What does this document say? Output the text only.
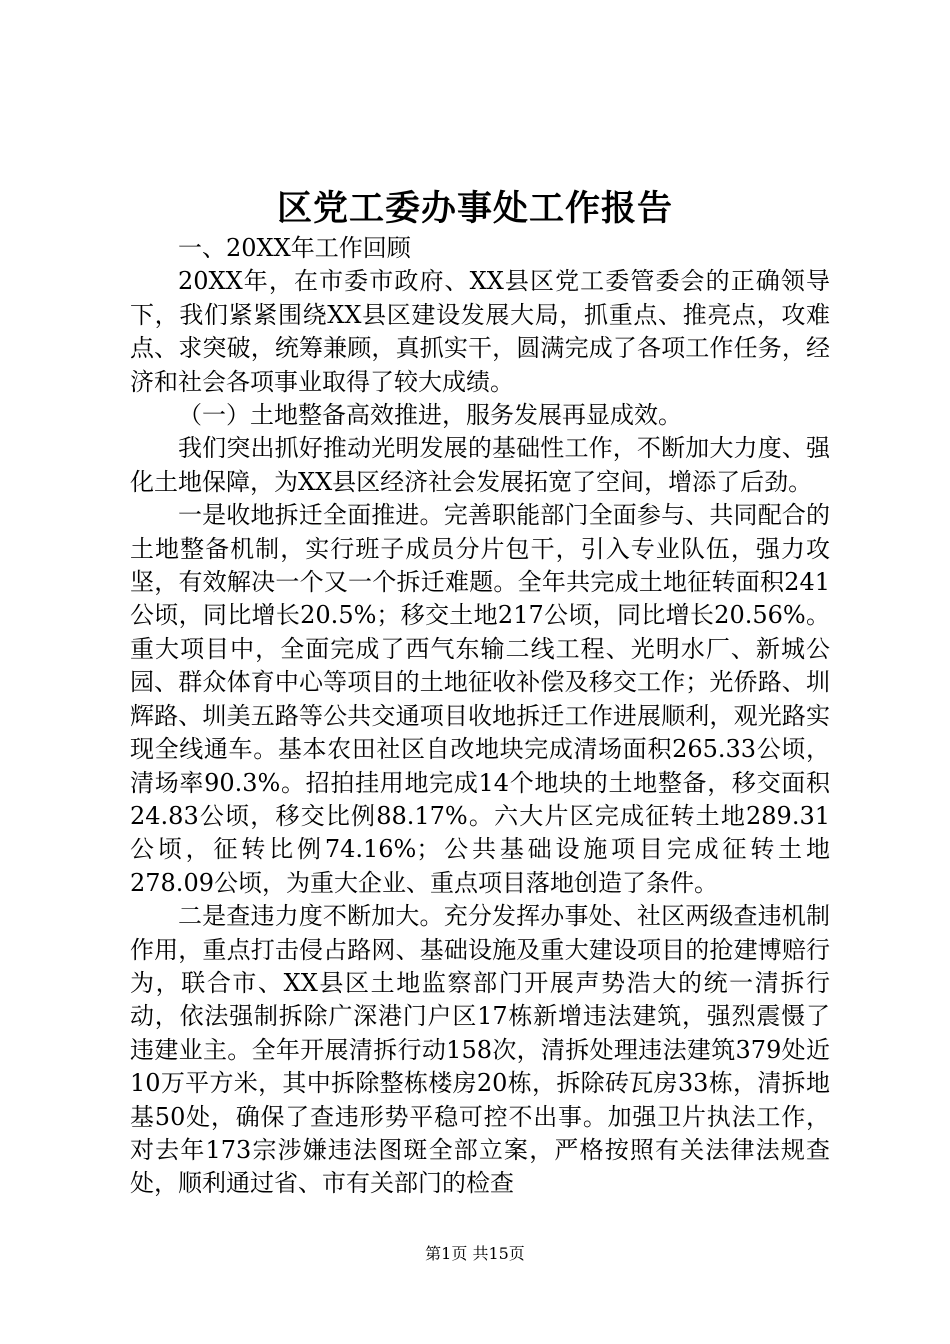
区党工委办事处工作报告

一、20XX年工作回顾

20XX年，在市委市政府、XX县区党工委管委会的正确领导下，我们紧紧围绕XX县区建设发展大局，抓重点、推亮点，攻难点、求突破，统筹兼顾，真抓实干，圆满完成了各项工作任务，经济和社会各项事业取得了较大成绩。

（一）土地整备高效推进，服务发展再显成效。

我们突出抓好推动光明发展的基础性工作，不断加大力度、强化土地保障，为XX县区经济社会发展拓宽了空间，增添了后劲。

一是收地拆迁全面推进。完善职能部门全面参与、共同配合的土地整备机制，实行班子成员分片包干，引入专业队伍，强力攻坚，有效解决一个又一个拆迁难题。全年共完成土地征转面积241公顷，同比增长20.5%；移交土地217公顷，同比增长20.56%。重大项目中，全面完成了西气东输二线工程、光明水厂、新城公园、群众体育中心等项目的土地征收补偿及移交工作；光侨路、圳辉路、圳美五路等公共交通项目收地拆迁工作进展顺利，观光路实现全线通车。基本农田社区自改地块完成清场面积265.33公顷，清场率90.3%。招拍挂用地完成14个地块的土地整备，移交面积24.83公顷，移交比例88.17%。六大片区完成征转土地289.31公顷，征转比例74.16%；公共基础设施项目完成征转土地278.09公顷，为重大企业、重点项目落地创造了条件。

二是查违力度不断加大。充分发挥办事处、社区两级查违机制作用，重点打击侵占路网、基础设施及重大建设项目的抢建博赔行为，联合市、XX县区土地监察部门开展声势浩大的统一清拆行动，依法强制拆除广深港门户区17栋新增违法建筑，强烈震慑了违建业主。全年开展清拆行动158次，清拆处理违法建筑379处近10万平方米，其中拆除整栋楼房20栋，拆除砖瓦房33栋，清拆地基50处，确保了查违形势平稳可控不出事。加强卫片执法工作，对去年173宗涉嫌违法图斑全部立案，严格按照有关法律法规查处，顺利通过省、市有关部门的检查

第1页 共15页
